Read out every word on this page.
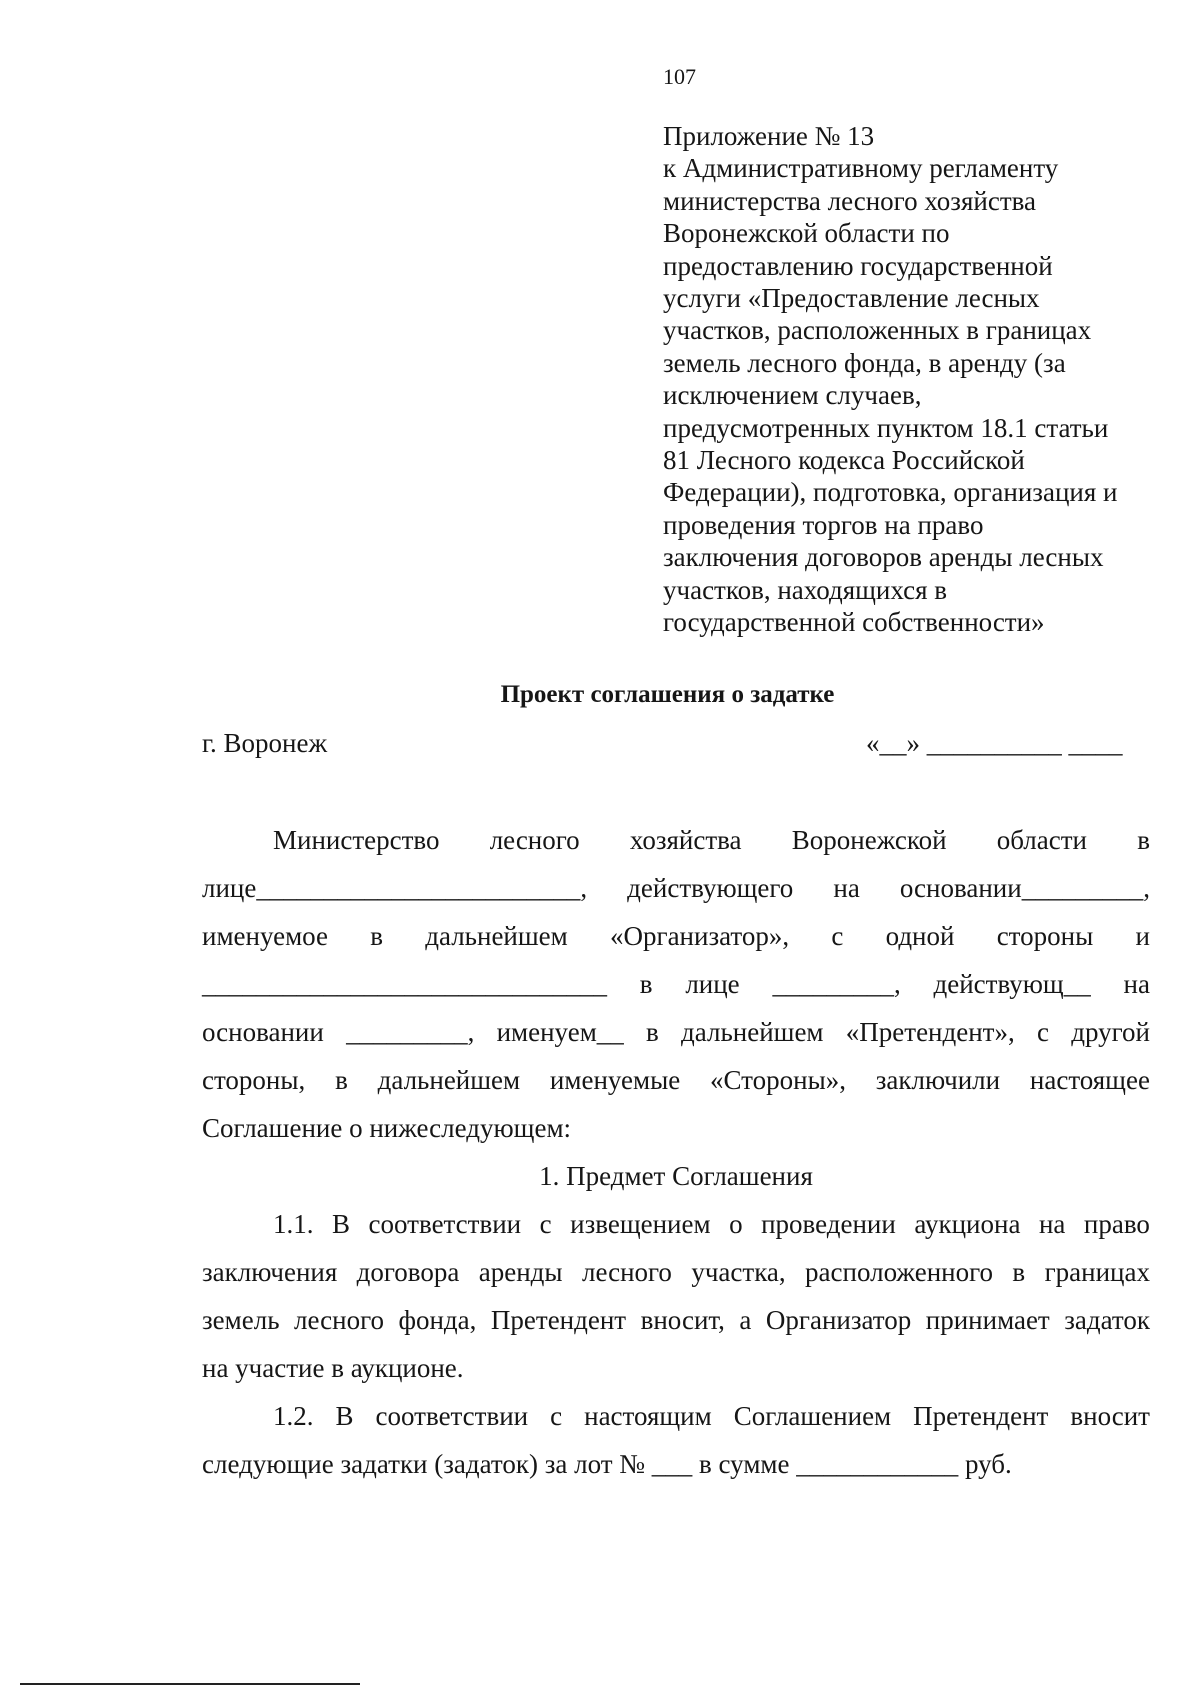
107
Приложение № 13
к Административному регламенту
министерства лесного хозяйства
Воронежской области по
предоставлению государственной
услуги «Предоставление лесных
участков, расположенных в границах
земель лесного фонда, в аренду (за
исключением случаев,
предусмотренных пунктом 18.1 статьи
81 Лесного кодекса Российской
Федерации), подготовка, организация и
проведения торгов на право
заключения договоров аренды лесных
участков, находящихся в
государственной собственности»
Проект соглашения о задатке
г. Воронеж	«__» __________ ____
Министерство лесного хозяйства Воронежской области в
лице________________________, действующего на основании_________,
именуемое в дальнейшем «Организатор», с одной стороны и
______________________________ в лице _________, действующ__ на
основании _________, именуем__ в дальнейшем «Претендент», с другой
стороны, в дальнейшем именуемые «Стороны», заключили настоящее
Соглашение о нижеследующем:
1. Предмет Соглашения
1.1. В соответствии с извещением о проведении аукциона на право
заключения договора аренды лесного участка, расположенного в границах
земель лесного фонда, Претендент вносит, а Организатор принимает задаток
на участие в аукционе.
1.2. В соответствии с настоящим Соглашением Претендент вносит
следующие задатки (задаток) за лот № ___ в сумме ____________ руб.
